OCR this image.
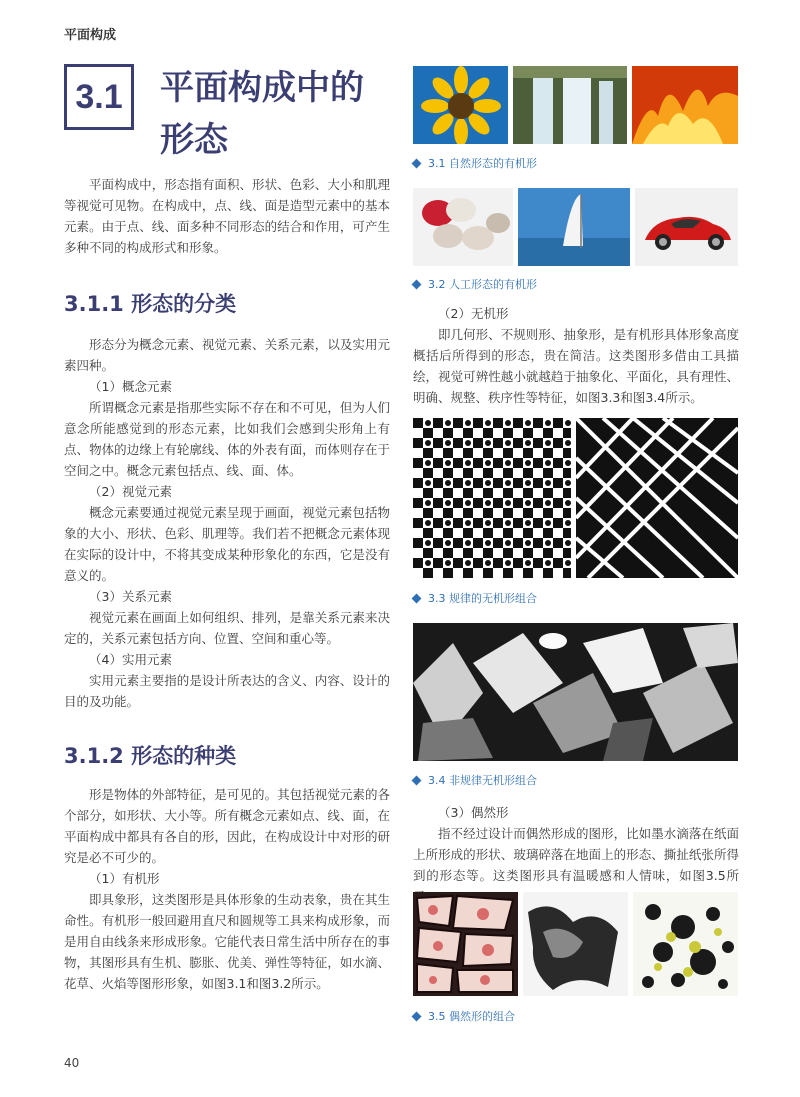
平面构成
3.1	平面构成中的
形态

平面构成中，形态指有面积、形状、色彩、大小和肌理等视觉可见物。在构成中，点、线、面是造型元素中的基本元素。由于点、线、面多种不同形态的结合和作用，可产生多种不同的构成形式和形象。

3.1.1 形态的分类

形态分为概念元素、视觉元素、关系元素，以及实用元素四种。

（1）概念元素

所谓概念元素是指那些实际不存在和不可见，但为人们意念所能感觉到的形态元素，比如我们会感到尖形角上有点、物体的边缘上有轮廓线、体的外表有面，而体则存在于空间之中。概念元素包括点、线、面、体。

（2）视觉元素

概念元素要通过视觉元素呈现于画面，视觉元素包括物象的大小、形状、色彩、肌理等。我们若不把概念元素体现在实际的设计中，不将其变成某种形象化的东西，它是没有意义的。

（3）关系元素

视觉元素在画面上如何组织、排列，是靠关系元素来决定的，关系元素包括方向、位置、空间和重心等。

（4）实用元素

实用元素主要指的是设计所表达的含义、内容、设计的目的及功能。

3.1.2 形态的种类

形是物体的外部特征，是可见的。其包括视觉元素的各个部分，如形状、大小等。所有概念元素如点、线、面，在平面构成中都具有各自的形，因此，在构成设计中对形的研究是必不可少的。

（1）有机形

即具象形，这类图形是具体形象的生动表象，贵在其生命性。有机形一般回避用直尺和圆规等工具来构成形象，而是用自由线条来形成形象。它能代表日常生活中所存在的事物，其图形具有生机、膨胀、优美、弹性等特征，如水滴、花草、火焰等图形形象，如图3.1和图3.2所示。

3.1 自然形态的有机形
3.2 人工形态的有机形

（2）无机形

即几何形、不规则形、抽象形，是有机形具体形象高度概括后所得到的形态，贵在简洁。这类图形多借由工具描绘，视觉可辨性越小就越趋于抽象化、平面化，具有理性、明确、规整、秩序性等特征，如图3.3和图3.4所示。

3.3 规律的无机形组合
3.4 非规律无机形组合

（3）偶然形

指不经过设计而偶然形成的图形，比如墨水滴落在纸面上所形成的形状、玻璃碎落在地面上的形态、撕扯纸张所得到的形态等。这类图形具有温暖感和人情味，如图3.5所

3.5 偶然形的组合
40
